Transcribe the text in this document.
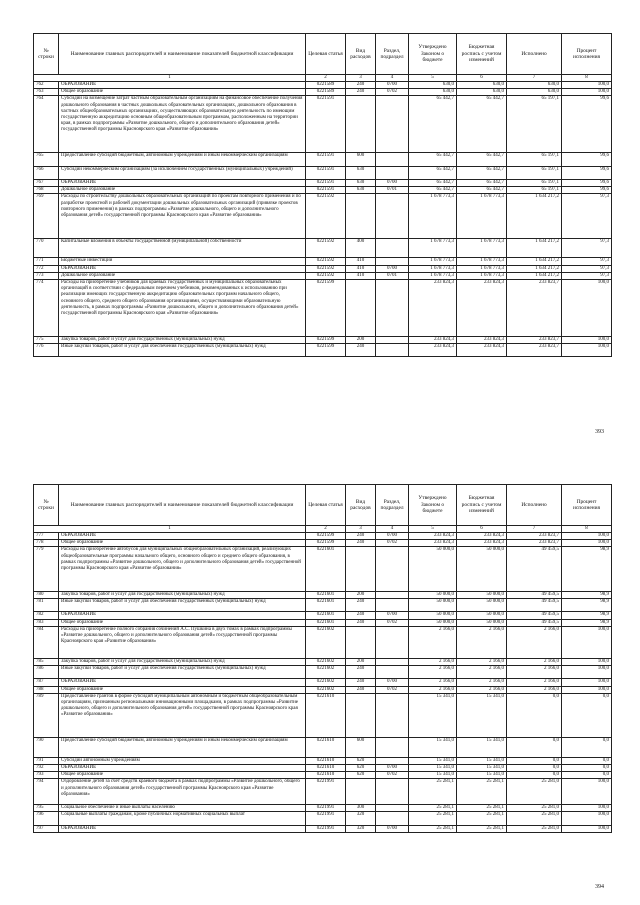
№ строки	Наименование главных распорядителей и наименование показателей бюджетной классификации	Целевая статья	Вид расходов	Раздел, подраздел	Утверждено Законом о бюджете	Бюджетная роспись с учетом изменений	Исполнено	Процент исполнения
1		2	3	4	5	6	7	8
762	ОБРАЗОВАНИЕ	0221589	240	0700	630,0	630,0	630,0	100,0
763	Общее образование	0221589	240	0702	630,0	630,0	630,0	100,0
764	Субсидии на возмещение затрат частным образовательным организациям на финансовое обеспечение получения дошкольного образования в частных дошкольных образовательных организациях, дошкольного образования в частных общеобразовательных организациях, осуществляющих образовательную деятельность по имеющим государственную аккредитацию основным общеобразовательным программам, расположенным на территории края, в рамках подпрограммы «Развитие дошкольного, общего и дополнительного образования детей» государственной программы Красноярского края «Развитие образования»	0221591			65 442,7	65 442,7	65 197,1	99,6
765	Предоставление субсидий бюджетным, автономным учреждениям и иным некоммерческим организациям	0221591	600		65 442,7	65 442,7	65 197,1	99,6
766	Субсидии некоммерческим организациям (за исключением государственных (муниципальных) учреждений)	0221591	630		65 442,7	65 442,7	65 197,1	99,6
767	ОБРАЗОВАНИЕ	0221591	630	0700	65 442,7	65 442,7	65 197,1	99,6
768	Дошкольное образование	0221591	630	0701	65 442,7	65 442,7	65 197,1	99,6
769	Расходы по строительству дошкольных образовательных организаций по проектам повторного применения и по разработке проектной и рабочей документации дошкольных образовательных организаций (привязке проектов повторного применения) в рамках подпрограммы «Развитие дошкольного, общего и дополнительного образования детей» государственной программы Красноярского края «Развитие образования»	0221592			1 678 773,3	1 678 773,3	1 634 217,2	97,3
770	Капитальные вложения в объекты государственной (муниципальной) собственности	0221592	400		1 678 773,3	1 678 773,3	1 634 217,2	97,3
771	Бюджетные инвестиции	0221592	410		1 678 773,3	1 678 773,3	1 634 217,2	97,3
772	ОБРАЗОВАНИЕ	0221592	410	0700	1 678 773,3	1 678 773,3	1 634 217,2	97,3
773	Дошкольное образование	0221592	410	0701	1 678 773,3	1 678 773,3	1 634 217,2	97,3
774	Расходы на приобретение учебников для краевых государственных и муниципальных образовательных организаций в соответствии с федеральным перечнем учебников, рекомендованных к использованию при реализации имеющих государственную аккредитацию образовательных программ начального общего, основного общего, среднего общего образования организациями, осуществляющими образовательную деятельность, в рамках подпрограммы «Развитие дошкольного, общего и дополнительного образования детей» государственной программы Красноярского края «Развитие образования»	0221599			233 824,3	233 824,3	233 823,7	100,0
775	Закупка товаров, работ и услуг для государственных (муниципальных) нужд	0221599	200		233 824,3	233 824,3	233 823,7	100,0
776	Иные закупки товаров, работ и услуг для обеспечения государственных (муниципальных) нужд	0221599	240		233 824,3	233 824,3	233 823,7	100,0
393
№ строки	Наименование главных распорядителей и наименование показателей бюджетной классификации	Целевая статья	Вид расходов	Раздел, подраздел	Утверждено Законом о бюджете	Бюджетная роспись с учетом изменений	Исполнено	Процент исполнения
1		2	3	4	5	6	7	8
777	ОБРАЗОВАНИЕ	0221599	240	0700	233 824,3	233 824,3	233 823,7	100,0
778	Общее образование	0221599	240	0702	233 824,3	233 824,3	233 823,7	100,0
779	Расходы на приобретение автобусов для муниципальных общеобразовательных организаций, реализующих общеобразовательные программы начального общего, основного общего и среднего общего образования, в рамках подпрограммы «Развитие дошкольного, общего и дополнительного образования детей» государственной программы Красноярского края «Развитие образования»	0221601			50 000,0	50 000,0	49 459,5	98,9
780	Закупка товаров, работ и услуг для государственных (муниципальных) нужд	0221601	200		50 000,0	50 000,0	49 459,5	98,9
781	Иные закупки товаров, работ и услуг для обеспечения государственных (муниципальных) нужд	0221601	240		50 000,0	50 000,0	49 459,5	98,9
782	ОБРАЗОВАНИЕ	0221601	240	0700	50 000,0	50 000,0	49 459,5	98,9
783	Общее образование	0221601	240	0702	50 000,0	50 000,0	49 459,5	98,9
784	Расходы на приобретение полного собрания сочинений А.С. Пушкина в двух томах в рамках подпрограммы «Развитие дошкольного, общего и дополнительного образования детей» государственной программы Красноярского края «Развитие образования»	0221602			2 166,0	2 166,0	2 166,0	100,0
785	Закупка товаров, работ и услуг для государственных (муниципальных) нужд	0221602	200		2 166,0	2 166,0	2 166,0	100,0
786	Иные закупки товаров, работ и услуг для обеспечения государственных (муниципальных) нужд	0221602	240		2 166,0	2 166,0	2 166,0	100,0
787	ОБРАЗОВАНИЕ	0221602	240	0700	2 166,0	2 166,0	2 166,0	100,0
788	Общее образование	0221602	240	0702	2 166,0	2 166,0	2 166,0	100,0
789	Предоставление грантов в форме субсидий муниципальным автономным и бюджетным общеобразовательным организациям, признанным региональными инновационными площадками, в рамках подпрограммы «Развитие дошкольного, общего и дополнительного образования детей» государственной программы Красноярского края «Развитие образования»	0221610			15 341,0	15 341,0	0,0	0,0
790	Предоставление субсидий бюджетным, автономным учреждениям и иным некоммерческим организациям	0221610	600		15 341,0	15 341,0	0,0	0,0
791	Субсидии автономным учреждениям	0221610	620		15 341,0	15 341,0	0,0	0,0
792	ОБРАЗОВАНИЕ	0221610	620	0700	15 341,0	15 341,0	0,0	0,0
793	Общее образование	0221610	620	0702	15 341,0	15 341,0	0,0	0,0
794	Оздоровление детей за счет средств краевого бюджета в рамках подпрограммы «Развитие дошкольного, общего и дополнительного образования детей» государственной программы Красноярского края «Развитие образования»	0221991			25 281,1	25 281,1	25 281,0	100,0
795	Социальное обеспечение и иные выплаты населению	0221991	300		25 281,1	25 281,1	25 281,0	100,0
796	Социальные выплаты гражданам, кроме публичных нормативных социальных выплат	0221991	320		25 281,1	25 281,1	25 281,0	100,0
797	ОБРАЗОВАНИЕ	0221991	320	0700	25 281,1	25 281,1	25 281,0	100,0
394
